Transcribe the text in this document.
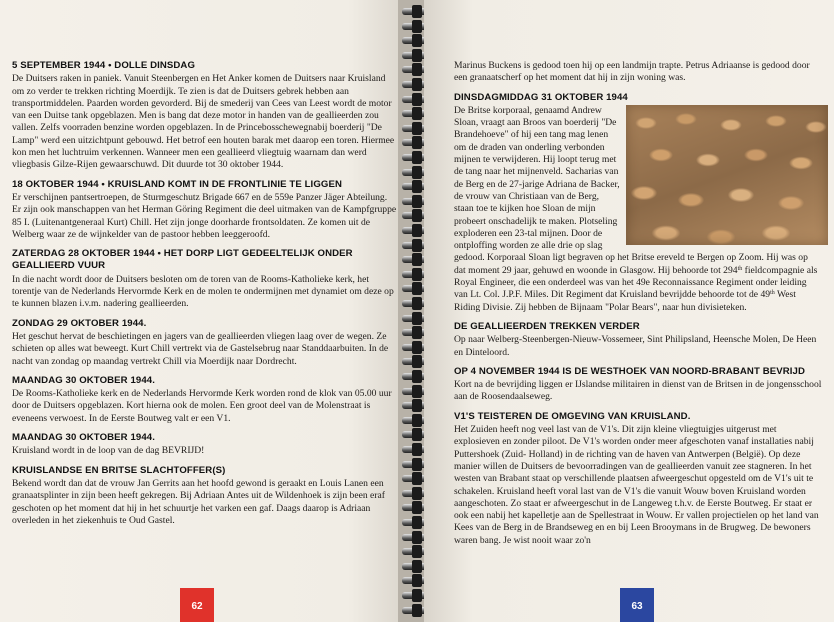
5 SEPTEMBER 1944 • DOLLE DINSDAG

De Duitsers raken in paniek. Vanuit Steenbergen en Het Anker komen de Duitsers naar Kruisland om zo verder te trekken richting Moerdijk. Te zien is dat de Duitsers gebrek hebben aan transportmiddelen. Paarden worden gevorderd. Bij de smederij van Cees van Leest wordt de motor van een Duitse tank opgeblazen. Men is bang dat deze motor in handen van de geallieerden zou vallen. Zelfs voorraden benzine worden opgeblazen. In de Princebosschewegnabij boerderij "De Lamp" werd een uitzichtpunt gebouwd. Het betrof een houten barak met daarop een toren. Hiermee kon men het luchtruim verkennen. Wanneer men een geallieerd vliegtuig waarnam dan werd vliegbasis Gilze-Rijen gewaarschuwd. Dit duurde tot 30 oktober 1944.

18 OKTOBER 1944 • KRUISLAND KOMT IN DE FRONTLINIE TE LIGGEN

Er verschijnen pantsertroepen, de Sturmgeschutz Brigade 667 en de 559e Panzer Jäger Abteilung. Er zijn ook manschappen van het Herman Göring Regiment die deel uitmaken van de Kampfgruppe 85 I. (Luitenantgeneraal Kurt) Chill. Het zijn jonge doorharde frontsoldaten. Ze komen uit de Welberg waar ze de wijnkelder van de pastoor hebben leeggeroofd.

ZATERDAG 28 OKTOBER 1944 • HET DORP LIGT GEDEELTELIJK ONDER GEALLIEERD VUUR

In die nacht wordt door de Duitsers besloten om de toren van de Rooms-Katholieke kerk, het torentje van de Nederlands Hervormde Kerk en de molen te ondermijnen met dynamiet om deze op te kunnen blazen i.v.m. nadering geallieerden.

ZONDAG 29 OKTOBER 1944.

Het geschut hervat de beschietingen en jagers van de geallieerden vliegen laag over de wegen. Ze schieten op alles wat beweegt. Kurt Chill vertrekt via de Gastelsebrug naar Standdaarbuiten. In de nacht van zondag op maandag vertrekt Chill via Moerdijk naar Dordrecht.

MAANDAG 30 OKTOBER 1944.

De Rooms-Katholieke kerk en de Nederlands Hervormde Kerk worden rond de klok van 05.00 uur door de Duitsers opgeblazen. Kort hierna ook de molen. Een groot deel van de Molenstraat is eveneens verwoest. In de Eerste Boutweg valt er een V1.

MAANDAG 30 OKTOBER 1944.

Kruisland wordt in de loop van de dag BEVRIJD!

KRUISLANDSE EN BRITSE SLACHTOFFER(S)

Bekend wordt dan dat de vrouw Jan Gerrits aan het hoofd gewond is geraakt en Louis Lanen een granaatsplinter in zijn been heeft gekregen. Bij Adriaan Antes uit de Wildenhoek is zijn been eraf geschoten op het moment dat hij in het schuurtje het varken een gaf. Daags daarop is Adriaan overleden in het ziekenhuis te Oud Gastel.

62

Marinus Buckens is gedood toen hij op een landmijn trapte. Petrus Adriaanse is gedood door een granaatscherf op het moment dat hij in zijn woning was.

DINSDAGMIDDAG 31 OKTOBER 1944

De Britse korporaal, genaamd Andrew Sloan, vraagt aan Broos van boerderij "De Brandehoeve" of hij een tang mag lenen om de draden van onderling verbonden mijnen te verwijderen. Hij loopt terug met de tang naar het mijnenveld. Sacharias van de Berg en de 27-jarige Adriana de Backer, de vrouw van Christiaan van de Berg, staan toe te kijken hoe Sloan de mijn probeert onschadelijk te maken. Plotseling exploderen een 23-tal mijnen. Door de ontploffing worden ze alle drie op slag gedood. Korporaal Sloan ligt begraven op het Britse ereveld te Bergen op Zoom. Hij was op dat moment 29 jaar, gehuwd en woonde in Glasgow. Hij behoorde tot 294th fieldcompagnie als Royal Engineer, die een onderdeel was van het 49e Reconnaissance Regiment onder leiding van Lt. Col. J.P.F. Miles. Dit Regiment dat Kruisland bevrijdde behoorde tot de 49th West Riding Divisie. Zij hebben de Bijnaam "Polar Bears", naar hun divisieteken.

DE GEALLIEERDEN TREKKEN VERDER

Op naar Welberg-Steenbergen-Nieuw-Vossemeer, Sint Philipsland, Heensche Molen, De Heen en Dinteloord.

OP 4 NOVEMBER 1944 IS DE WESTHOEK VAN NOORD-BRABANT BEVRIJD

Kort na de bevrijding liggen er IJslandse militairen in dienst van de Britsen in de jongensschool aan de Roosendaalseweg.

V1'S TEISTEREN DE OMGEVING VAN KRUISLAND.

Het Zuiden heeft nog veel last van de V1's. Dit zijn kleine vliegtuigjes uitgerust met explosieven en zonder piloot. De V1's worden onder meer afgeschoten vanaf installaties nabij Puttershoek (Zuid- Holland) in de richting van de haven van Antwerpen (België). Op deze manier willen de Duitsers de bevoorradingen van de geallieerden vanuit zee stagneren. In het westen van Brabant staat op verschillende plaatsen afweergeschut opgesteld om de V1's uit te schakelen. Kruisland heeft voral last van de V1's die vanuit Wouw boven Kruisland worden aangeschoten. Zo staat er afweergeschut in de Langeweg t.h.v. de Eerste Boutweg. Er staat er ook een nabij het kapelletje aan de Spellestraat in Wouw. Er vallen projectielen op het land van Kees van de Berg in de Brandseweg en en bij Leen Brooymans in de Brugweg. De bewoners waren bang. Je wist nooit waar zo'n

63
